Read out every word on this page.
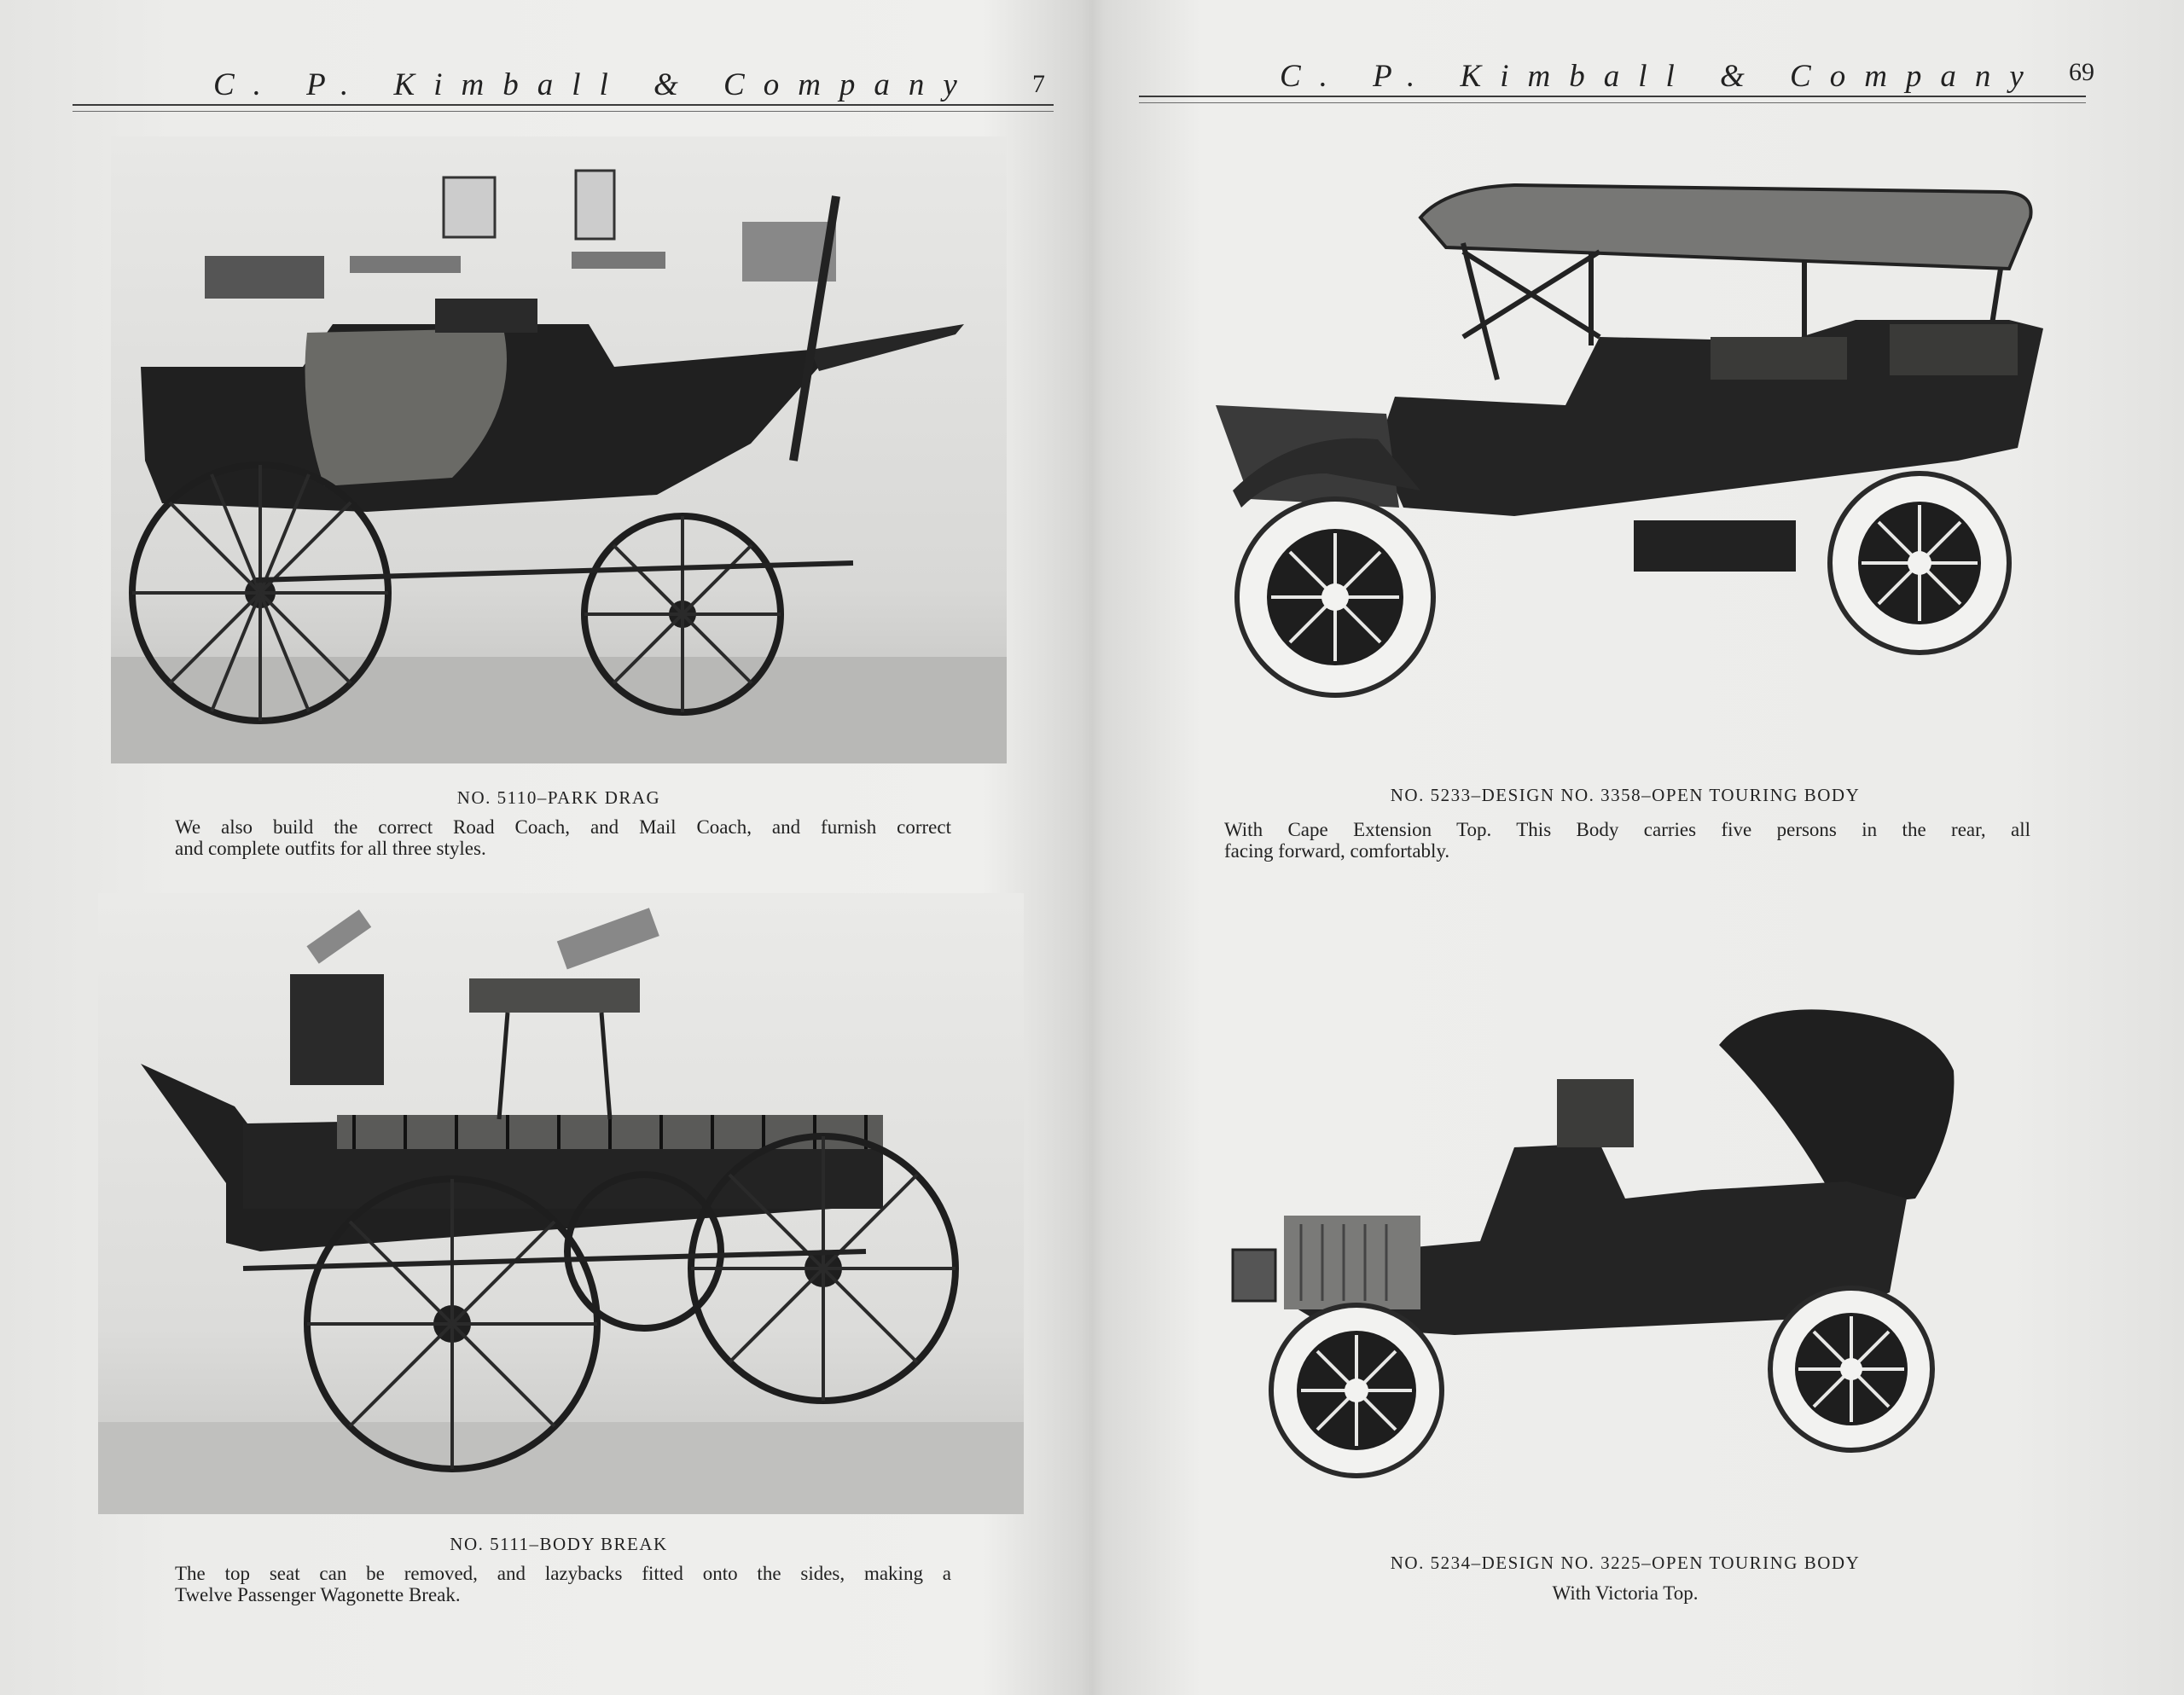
C. P. Kimball & Company 7
NO. 5110–PARK DRAG
We also build the correct Road Coach, and Mail Coach, and furnish correct
and complete outfits for all three styles.
NO. 5111–BODY BREAK
The top seat can be removed, and lazybacks fitted onto the sides, making a
Twelve Passenger Wagonette Break.
C. P. Kimball & Company 69
NO. 5233–DESIGN NO. 3358–OPEN TOURING BODY
With Cape Extension Top. This Body carries five persons in the rear, all
facing forward, comfortably.
NO. 5234–DESIGN NO. 3225–OPEN TOURING BODY
With Victoria Top.
